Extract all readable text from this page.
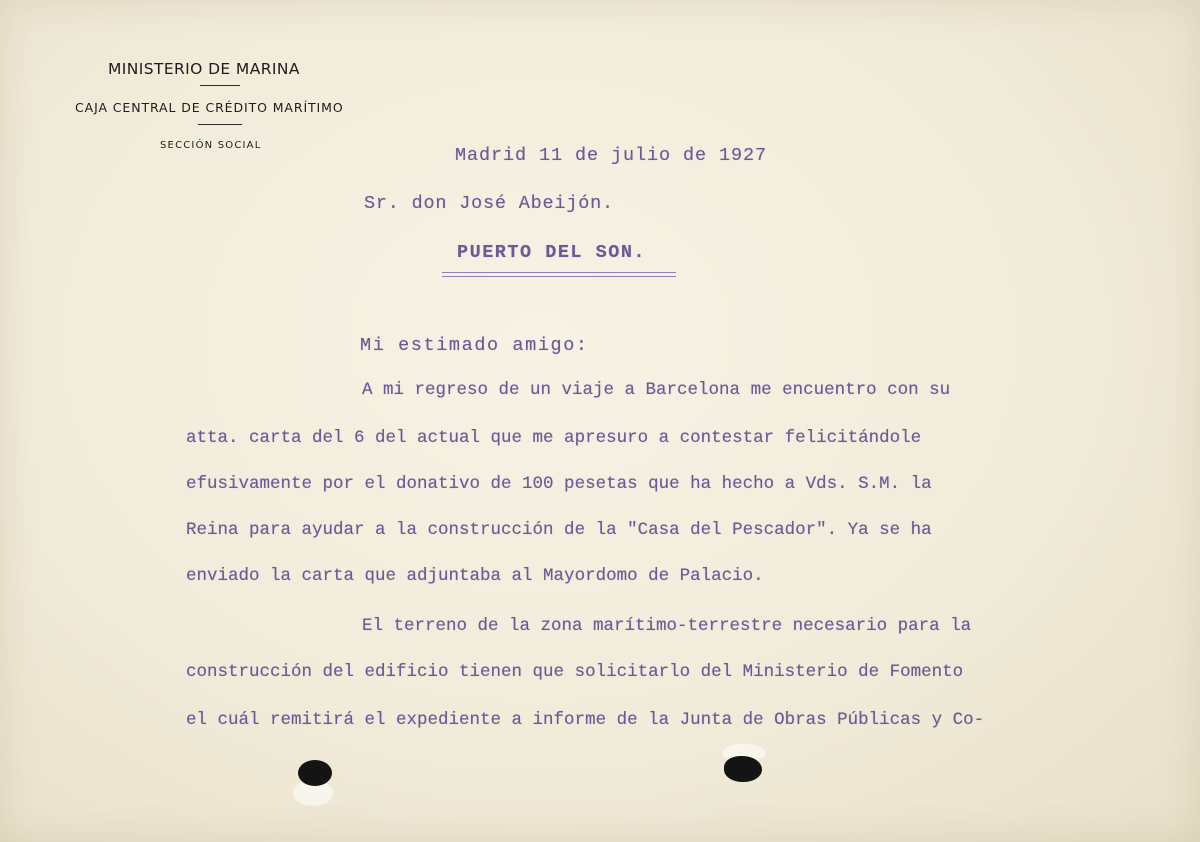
MINISTERIO DE MARINA
CAJA CENTRAL DE CRÉDITO MARÍTIMO
SECCIÓN SOCIAL	Madrid 11 de julio de 1927
Sr. don José Abeijón.
PUERTO DEL SON.
Mi estimado amigo:
A mi regreso de un viaje a Barcelona me encuentro con su
atta. carta del 6 del actual que me apresuro a contestar felicitándole
efusivamente por el donativo de 100 pesetas que ha hecho a Vds. S.M. la
Reina para ayudar a la construcción de la "Casa del Pescador". Ya se ha
enviado la carta que adjuntaba al Mayordomo de Palacio.
El terreno de la zona marítimo-terrestre necesario para la
construcción del edificio tienen que solicitarlo del Ministerio de Fomento
el cuál remitirá el expediente a informe de la Junta de Obras Públicas y Co-
